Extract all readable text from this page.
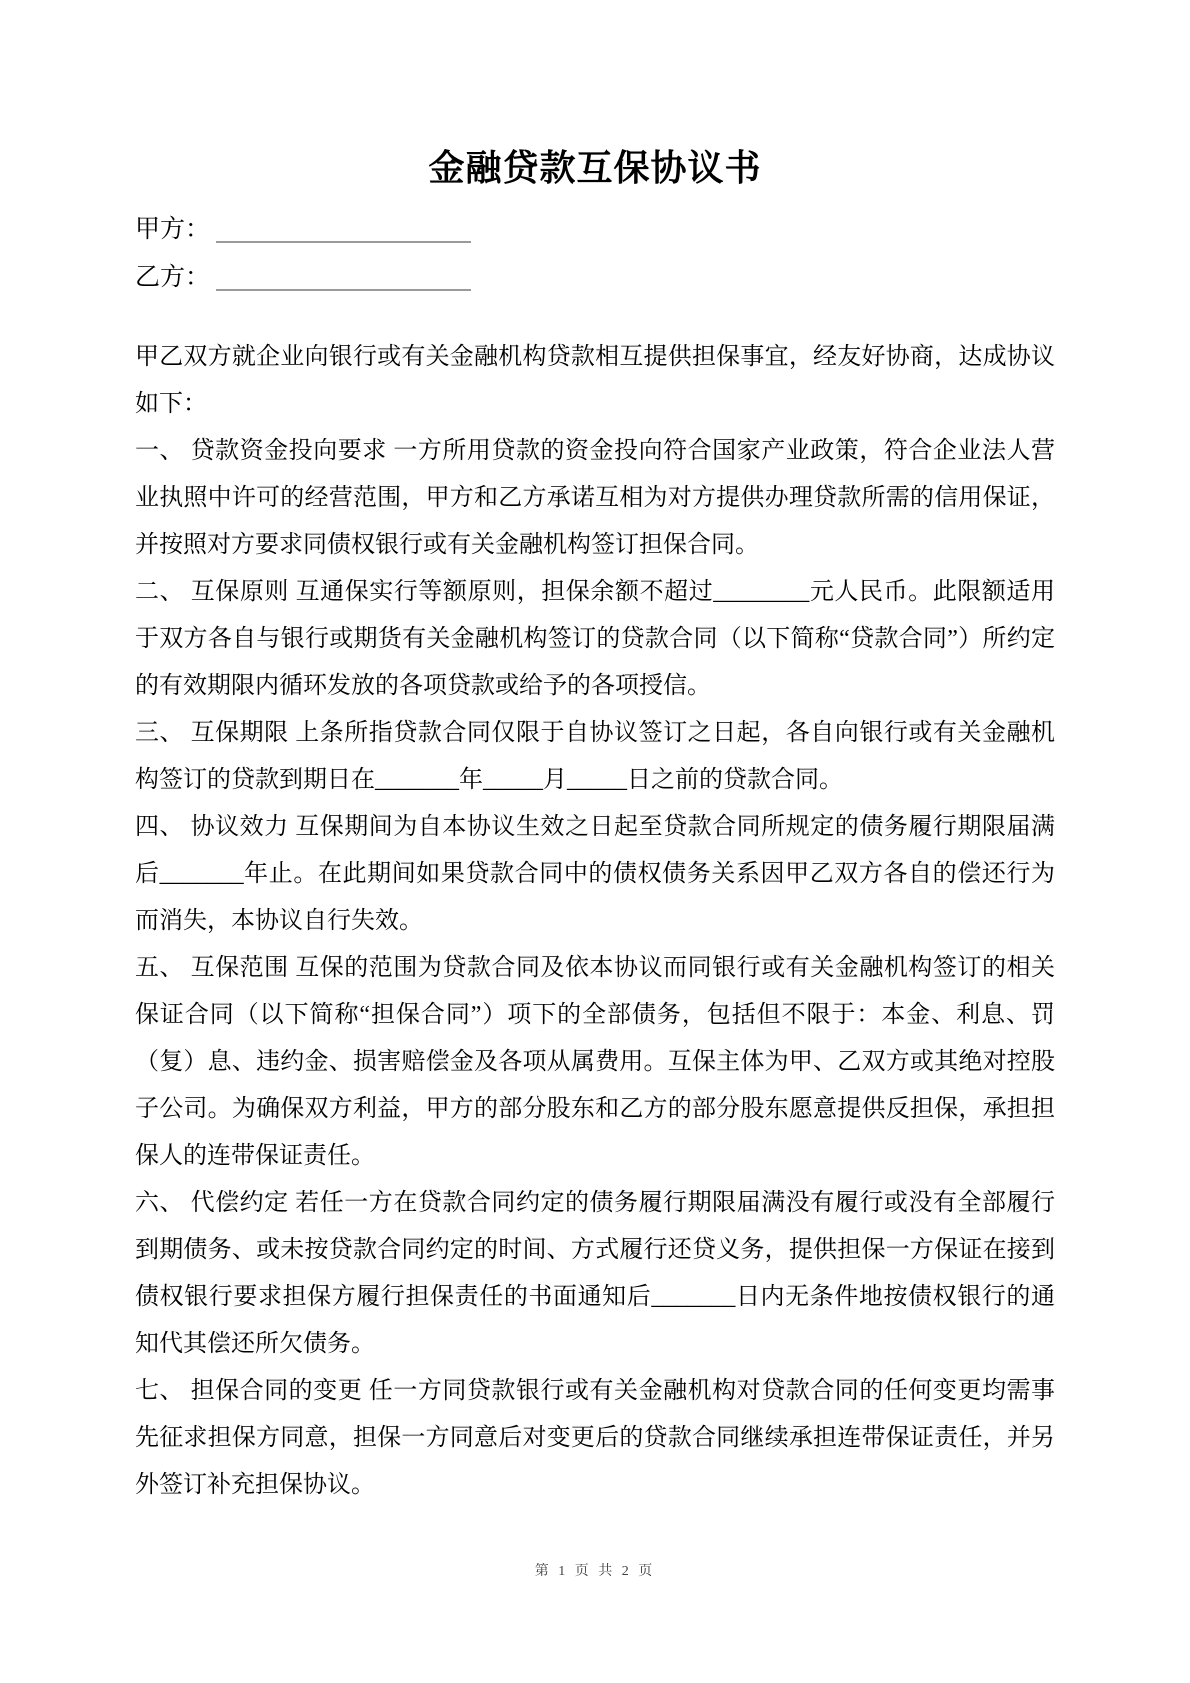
金融贷款互保协议书
甲方：
乙方：

甲乙双方就企业向银行或有关金融机构贷款相互提供担保事宜，经友好协商，达成协议如下：

一、 贷款资金投向要求 一方所用贷款的资金投向符合国家产业政策，符合企业法人营业执照中许可的经营范围，甲方和乙方承诺互相为对方提供办理贷款所需的信用保证，并按照对方要求同债权银行或有关金融机构签订担保合同。

二、 互保原则 互通保实行等额原则，担保余额不超过________元人民币。此限额适用于双方各自与银行或期货有关金融机构签订的贷款合同（以下简称“贷款合同”）所约定的有效期限内循环发放的各项贷款或给予的各项授信。

三、 互保期限 上条所指贷款合同仅限于自协议签订之日起，各自向银行或有关金融机构签订的贷款到期日在_______年_____月_____日之前的贷款合同。

四、 协议效力 互保期间为自本协议生效之日起至贷款合同所规定的债务履行期限届满后_______年止。在此期间如果贷款合同中的债权债务关系因甲乙双方各自的偿还行为而消失，本协议自行失效。

五、 互保范围 互保的范围为贷款合同及依本协议而同银行或有关金融机构签订的相关保证合同（以下简称“担保合同”）项下的全部债务，包括但不限于：本金、利息、罚（复）息、违约金、损害赔偿金及各项从属费用。互保主体为甲、乙双方或其绝对控股子公司。为确保双方利益，甲方的部分股东和乙方的部分股东愿意提供反担保，承担担保人的连带保证责任。

六、 代偿约定 若任一方在贷款合同约定的债务履行期限届满没有履行或没有全部履行到期债务、或未按贷款合同约定的时间、方式履行还贷义务，提供担保一方保证在接到债权银行要求担保方履行担保责任的书面通知后_______日内无条件地按债权银行的通知代其偿还所欠债务。

七、 担保合同的变更 任一方同贷款银行或有关金融机构对贷款合同的任何变更均需事先征求担保方同意，担保一方同意后对变更后的贷款合同继续承担连带保证责任，并另外签订补充担保协议。

第 1 页 共 2 页
